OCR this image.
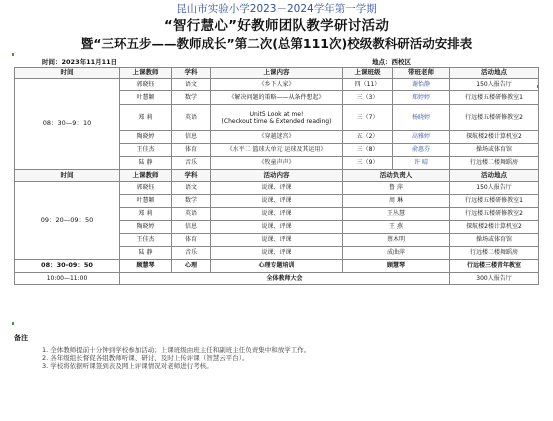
昆山市实验小学2023－2024学年第一学期
“智行慧心”好教师团队教学研讨活动
暨“三环五步——教师成长”第二次(总第111次)校级教科研活动安排表
时间：2023年11月11日	地点：西校区
时间	上课教师	学科	上课内容	上课班级	带班老师	活动地点
08：30—9：10	郭晓钰	语文	《乡下人家》	四（11）	谢怡静	150人报告厅
	叶慧颖	数学	《解决问题的策略——从条件想起》	三（3）	郑婷婷	行远楼五楼研修教室1
	郑 莉	英语	Unit5 Look at me!
(Checkout time & Extended reading)	三（7）	杨晓婷	行远楼五楼研修教室2
	陶晓婷	信息	《穿越迷宫》	五（2）	高雅婷	探航楼2楼计算机室2
	王佳杰	体育	《水平二 篮球大单元 运球及其运用》	三（8）	俞惠芬	操场或体育馆
	陆 静	音乐	《牧童声声》	三（9）	许 晴	行远楼二楼舞蹈房
时间	上课教师	学科	活动内容	活动负责人		活动地点
09：20—09：50	郭晓钰	语文	说课、评课	鲁 萍		150人报告厅
	叶慧颖	数学	说课、评课	周 琳		行远楼五楼研修教室1
	郑 莉	英语	说课、评课	王丛慧		行远楼五楼研修教室2
	陶晓婷	信息	说课、评课	王 燕		探航楼2楼计算机室2
	王佳杰	体育	说课、评课	蔡木明		操场或体育馆
	陆 静	音乐	说课、评课	成曲萍		行远楼二楼舞蹈房
08：30-09：50	顾慧琴	心理	心理专题培训	顾慧琴		行远楼三楼青年教室
10:00—11:00	全体教师大会					300人报告厅
备注
1. 全体教师提前十分钟到学校参加活动；上课班级由班主任和副班主任负责集中和放学工作。
2. 各年级组长督促各组教师听课、研讨、及时上传评课（智慧云平台）。
3. 学校将依据听课签到表及网上评课情况对老师进行考核。
